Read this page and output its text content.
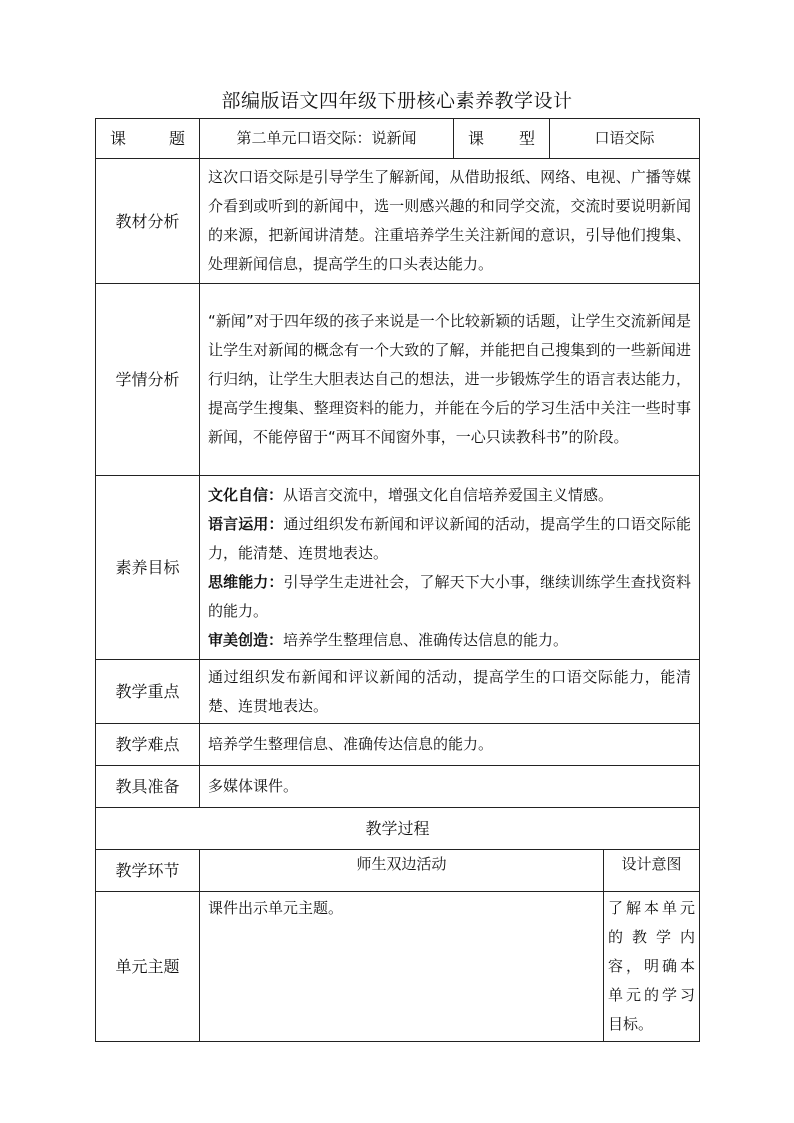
部编版语文四年级下册核心素养教学设计
课　　题	第二单元口语交际：说新闻	课　　型	口语交际	
教材分析	这次口语交际是引导学生了解新闻，从借助报纸、网络、电视、广播等媒介看到或听到的新闻中，选一则感兴趣的和同学交流，交流时要说明新闻的来源，把新闻讲清楚。注重培养学生关注新闻的意识，引导他们搜集、处理新闻信息，提高学生的口头表达能力。			
学情分析	“新闻”对于四年级的孩子来说是一个比较新颖的话题，让学生交流新闻是让学生对新闻的概念有一个大致的了解，并能把自己搜集到的一些新闻进行归纳，让学生大胆表达自己的想法，进一步锻炼学生的语言表达能力，提高学生搜集、整理资料的能力，并能在今后的学习生活中关注一些时事新闻，不能停留于“两耳不闻窗外事，一心只读教科书”的阶段。			
素养目标	文化自信：从语言交流中，增强文化自信培养爱国主义情感。

语言运用：通过组织发布新闻和评议新闻的活动，提高学生的口语交际能力，能清楚、连贯地表达。

思维能力：引导学生走进社会，了解天下大小事，继续训练学生查找资料的能力。

审美创造：培养学生整理信息、准确传达信息的能力。			

教学重点	通过组织发布新闻和评议新闻的活动，提高学生的口语交际能力，能清楚、连贯地表达。			
教学难点	培养学生整理信息、准确传达信息的能力。			
教具准备	多媒体课件。			
教学过程				
教学环节	师生双边活动			设计意图
单元主题	课件出示单元主题。			了解本单元的教学内容，明确本单元的学习目标。
